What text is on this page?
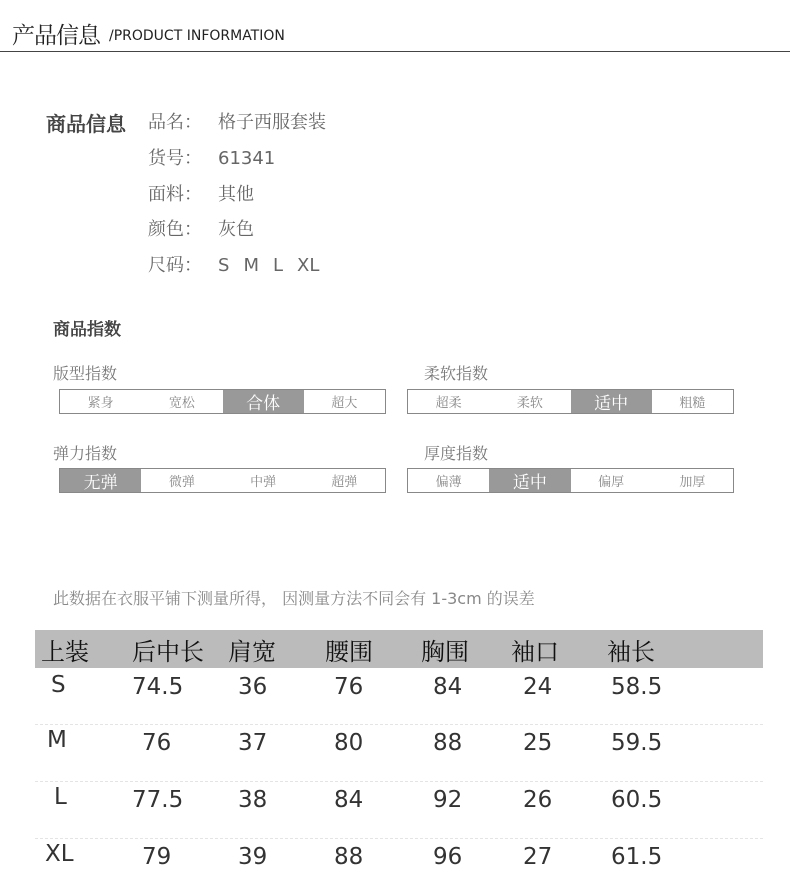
产品信息 /PRODUCT INFORMATION
商品信息 品名： 格子西服套装
货号： 61341
面料： 其他
颜色： 灰色
尺码： S M L XL
商品指数
版型指数
紧身	宽松	合体	超大
柔软指数
超柔	柔软	适中	粗糙
弹力指数
无弹	微弹	中弹	超弹
厚度指数
偏薄	适中	偏厚	加厚
此数据在衣服平铺下测量所得， 因测量方法不同会有 1-3cm 的误差
上装 后中长 肩宽 腰围 胸围 袖口 袖长
S	74.5 36	76	84	24	58.5
M	76	37	80	88	25	59.5
L	77.5 38	84	92	26	60.5
XL	79	39	88	96	27	61.5
